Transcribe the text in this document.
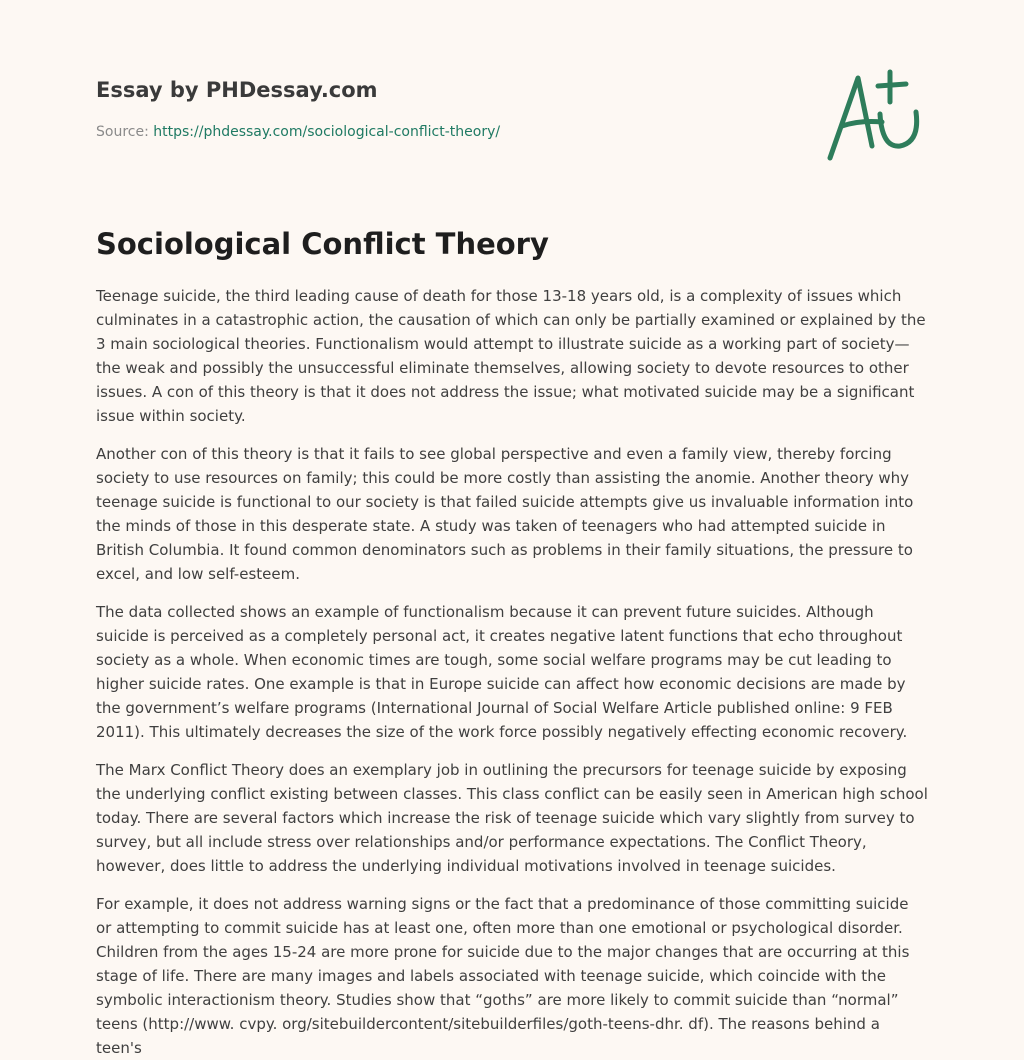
Essay by PHDessay.com
Source: https://phdessay.com/sociological-conflict-theory/
Sociological Conflict Theory

Teenage suicide, the third leading cause of death for those 13-18 years old, is a complexity of issues which culminates in a catastrophic action, the causation of which can only be partially examined or explained by the 3 main sociological theories. Functionalism would attempt to illustrate suicide as a working part of society—the weak and possibly the unsuccessful eliminate themselves, allowing society to devote resources to other issues. A con of this theory is that it does not address the issue; what motivated suicide may be a significant issue within society.

Another con of this theory is that it fails to see global perspective and even a family view, thereby forcing society to use resources on family; this could be more costly than assisting the anomie. Another theory why teenage suicide is functional to our society is that failed suicide attempts give us invaluable information into the minds of those in this desperate state. A study was taken of teenagers who had attempted suicide in British Columbia. It found common denominators such as problems in their family situations, the pressure to excel, and low self-esteem.

The data collected shows an example of functionalism because it can prevent future suicides. Although suicide is perceived as a completely personal act, it creates negative latent functions that echo throughout society as a whole. When economic times are tough, some social welfare programs may be cut leading to higher suicide rates. One example is that in Europe suicide can affect how economic decisions are made by the government’s welfare programs (International Journal of Social Welfare Article published online: 9 FEB 2011). This ultimately decreases the size of the work force possibly negatively effecting economic recovery.

The Marx Conflict Theory does an exemplary job in outlining the precursors for teenage suicide by exposing the underlying conflict existing between classes. This class conflict can be easily seen in American high school today. There are several factors which increase the risk of teenage suicide which vary slightly from survey to survey, but all include stress over relationships and/or performance expectations. The Conflict Theory, however, does little to address the underlying individual motivations involved in teenage suicides.

For example, it does not address warning signs or the fact that a predominance of those committing suicide or attempting to commit suicide has at least one, often more than one emotional or psychological disorder. Children from the ages 15-24 are more prone for suicide due to the major changes that are occurring at this stage of life. There are many images and labels associated with teenage suicide, which coincide with the symbolic interactionism theory. Studies show that “goths” are more likely to commit suicide than “normal” teens (http://www. cvpy. org/sitebuildercontent/sitebuilderfiles/goth-teens-dhr. df). The reasons behind a teen's
